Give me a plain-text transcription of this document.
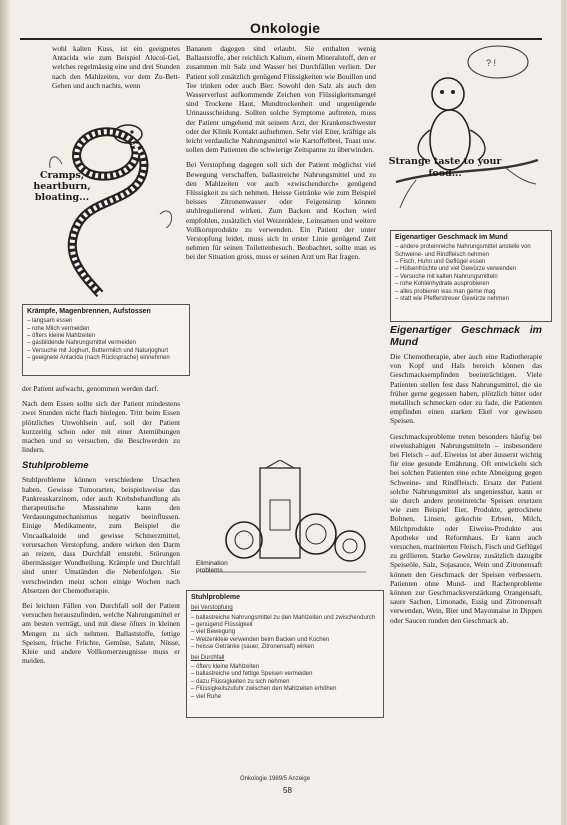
Onkologie

wohl kalten Kuss, ist ein geeignetes Antacida wie zum Beispiel Alucol-Gel, welches regelmässig eine und drei Stunden nach den Mahlzeiten, vor dem Zu-Bett-Gehen und auch nachts, wenn

Cramps, heartburn, bloating...
Krämpfe, Magenbrennen, Aufstossen
– langsam essen
– rohe Milch vermeiden
– öfters kleine Mahlzeiten
– gasbildende Nahrungsmittel vermeiden
– Versuche mit Joghurt, Buttermilch und Naturjoghurt
– geeignete Antacida (nach Rücksprache) einnehmen

der Patient aufwacht, genommen werden darf.

Nach dem Essen sollte sich der Patient mindestens zwei Stunden nicht flach hinlegen. Tritt beim Essen plötzliches Unwohlsein auf, soll der Patient kurzzeitig schon oder mit einer Atemübungen machen und so versuchen, die Beschwerden zu lindern.

Stuhlprobleme

Stuhlprobleme können verschiedene Ursachen haben. Gewisse Tumorarten, beispielsweise das Pankreaskarzinom, oder auch Krebsbehandlung als therapeutische Massnahme kann den Verdauungsmechanismus negativ beeinflussen. Einige Medikamente, zum Beispiel die Vincaalkaloide und gewisse Schmerzmittel, verursachen Verstopfung, andere wirken den Darm an reizen, dass Durchfall entsteht. Störungen übermässiger Wundheilung, Krämpfe und Durchfall sind unter Umständen die Nebenfolgen. Sie verschwinden meist schon einige Wochen nach Absetzen der Chemotherapie.

Bei leichten Fällen von Durchfall soll der Patient versuchen herauszufinden, welche Nahrungsmittel er am besten verträgt, und mit diese öfters in kleinen Mengen zu sich nehmen. Ballaststoffe, fettige Speisen, frische Früchte, Gemüse, Salate, Nüsse, Kleie und andere Vollkornerzeugnisse muss er meiden.

Bananen dagegen sind erlaubt. Sie enthalten wenig Ballaststoffe, aber reichlich Kalium, einem Mineralstoff, den er zusammen mit Salz und Wasser bei Durchfällen verliert. Der Patient soll zusätzlich genügend Flüssigkeiten wie Bouillon und Tee trinken oder auch Bier. Sowohl den Salz als auch den Wasserverlust aufkommende Zeichen von Flüssigkeitsmangel sind Trockene Haut, Mundtrockenheit und ungenügende Urinausscheidung. Sollten solche Symptome auftreten, muss der Patient umgehend mit seinem Arzt, der Krankenschwester oder der Klinik Kontakt aufnehmen. Sehr viel Eiter, kräftige als leicht verdauliche Nahrungsmittel wie Kartoffelbrei, Toast usw. sollen dem Patienten die schwierige Zeitspanne zu überwinden.

Bei Verstopfung dagegen soll sich der Patient möglichst viel Bewegung verschaffen, ballastreiche Nahrungsmittel und zu den Mahlzeiten vor auch »zwischendurch« genügend Flüssigkeit zu sich nehmen. Heisse Getränke wie zum Beispiel heisses Zitronenwasser oder Feigensirup können stuhlregulierend wirken. Zum Backen und Kochen wird empfohlen, zusätzlich viel Weizenkleie, Leinsamen und weitere Vollkornprodukte zu verwenden. Ein Patient der unter Verstopfung leidet, muss sich in erster Linie genügend Zeit nehmen für seinen Toilettenbesuch. Beobachtet, sollte man es bei der Situation gross, muss er seinen Arzt um Rat fragen.

Elimination problems
Stuhlprobleme
bei Verstopfung
– ballastreiche Nahrungsmittel zu den Mahlzeiten und zwischendurch
– genügend Flüssigkeit
– viel Bewegung
– Weizenkleie verwenden beim Backen und Kochen
– heisse Getränke (sauer, Zitronensaft) wirken
bei Durchfall
– öfters kleine Mahlzeiten
– ballastreiche und fettige Speisen vermeiden
– dazu Flüssigkeiten zu sich nehmen
– Flüssigkeitszufuhr zwischen den Mahlzeiten erhöhen
– viel Ruhe
? !
Strange taste to your food...
Eigenartiger Geschmack im Mund
– andere proteinreiche Nahrungsmittel anstelle von Schweine- und Rindfleisch nehmen
– Fisch, Huhn und Geflügel essen
– Hülsenfrüchte und viel Gewürze verwenden
– Versuche mit kalten Nahrungsmitteln
– rohe Kohlenhydrate ausprobieren
– alles probieren was man gerne mag
– statt wie Pfefferstreuer Gewürze nehmen
Eigenartiger Geschmack im Mund

Die Chemotherapie, aber auch eine Radiotherapie von Kopf und Hals bereich können das Geschmacksempfinden beeinträchtigen. Viele Patienten stellen fest dass Nahrungsmittel, die sie früher gerne gegessen haben, plötzlich bitter oder metallisch schmecken oder zu fade, die Patienten empfinden einen starken Ekel vor gewissen Speisen.

Geschmacksprobleme treten besonders häufig bei eiweisshaltigen Nahrungsmitteln – insbesondere bei Fleisch – auf. Eiweiss ist aber äusserst wichtig für eine gesunde Ernährung. Oft entwickeln sich bei solchen Patienten eine echte Abneigung gegen Schweine- und Rindfleisch. Ersatz der Patient solche Nahrungsmittel als ungeniessbar, kann er sie durch andere proteinreiche Speisen ersetzen wie zum Beispiel Eier, Produkte, getrocknete Bohnen, Linsen, gekochte Erbsen, Milch, Milchprodukte oder Eiweiss-Produkte aus Apotheke und Reformhaus. Er kann auch versuchen, marinierten Fleisch, Fisch und Geflügel zu grillieren. Starke Gewürze, zusätzlich dazugibt Speiseöle, Salz, Sojasauce, Wein und Zitronensaft können den Geschmack der Speisen verbessern. Patienten ohne Mund- und Rachenprobleme können zur Geschmacksverstärkung Orangensaft, saure Sachen, Limonade, Essig und Zitronensaft verwenden, Wein, Bier und Mayonnaise in Dippen oder Saucen runden den Geschmack ab.

Onkologie 1989/5 Anzeige
58
